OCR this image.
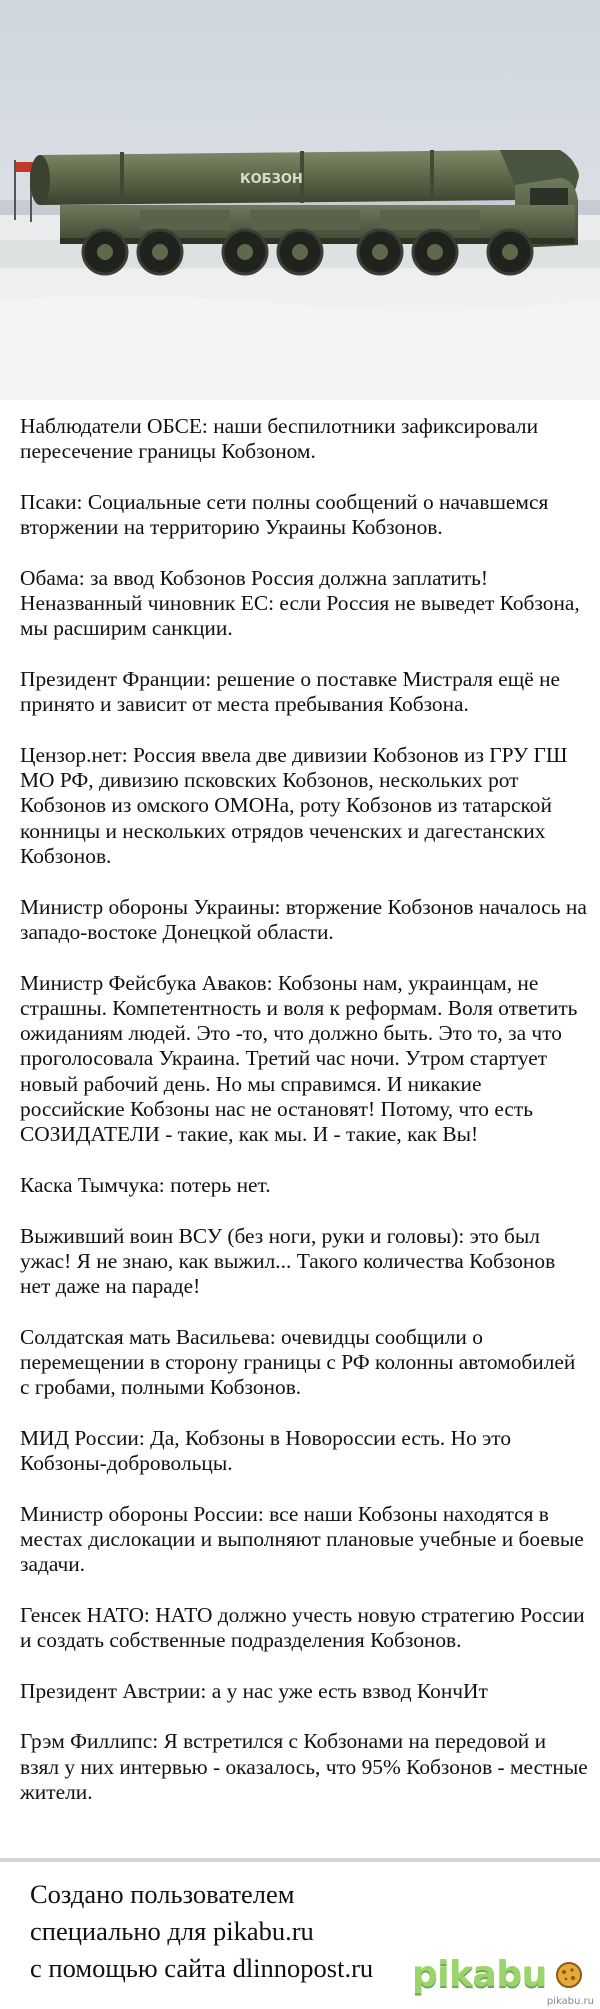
КОБЗОН
Наблюдатели ОБСЕ: наши беспилотники зафиксировали пересечение границы Кобзоном.
Псаки: Социальные сети полны сообщений о начавшемся вторжении на территорию Украины Кобзонов.
Обама: за ввод Кобзонов Россия должна заплатить! Неназванный чиновник ЕС: если Россия не выведет Кобзона, мы расширим санкции.
Президент Франции: решение о поставке Мистраля ещё не принято и зависит от места пребывания Кобзона.
Цензор.нет: Россия ввела две дивизии Кобзонов из ГРУ ГШ МО РФ, дивизию псковских Кобзонов, нескольких рот Кобзонов из омского ОМОНа, роту Кобзонов из татарской конницы и нескольких отрядов чеченских и дагестанских Кобзонов.
Министр обороны Украины: вторжение Кобзонов началось на западо-востоке Донецкой области.
Министр Фейсбука Аваков: Кобзоны нам, украинцам, не страшны. Компетентность и воля к реформам. Воля ответить ожиданиям людей. Это -то, что должно быть. Это то, за что проголосовала Украина. Третий час ночи. Утром стартует новый рабочий день. Но мы справимся. И никакие российские Кобзоны нас не остановят! Потому, что есть СОЗИДАТЕЛИ - такие, как мы. И - такие, как Вы!
Каска Тымчука: потерь нет.
Выживший воин ВСУ (без ноги, руки и головы): это был ужас! Я не знаю, как выжил... Такого количества Кобзонов нет даже на параде!
Солдатская мать Васильева: очевидцы сообщили о перемещении в сторону границы с РФ колонны автомобилей с гробами, полными Кобзонов.
МИД России: Да, Кобзоны в Новороссии есть. Но это Кобзоны-добровольцы.
Министр обороны России: все наши Кобзоны находятся в местах дислокации и выполняют плановые учебные и боевые задачи.
Генсек НАТО: НАТО должно учесть новую стратегию России и создать собственные подразделения Кобзонов.
Президент Австрии: а у нас уже есть взвод КончИт
Грэм Филлипс: Я встретился с Кобзонами на передовой и взял у них интервью - оказалось, что 95% Кобзонов - местные жители.
Создано пользователем
специально для pikabu.ru
с помощью сайта dlinnopost.ru pikabu
pikabu.ru
